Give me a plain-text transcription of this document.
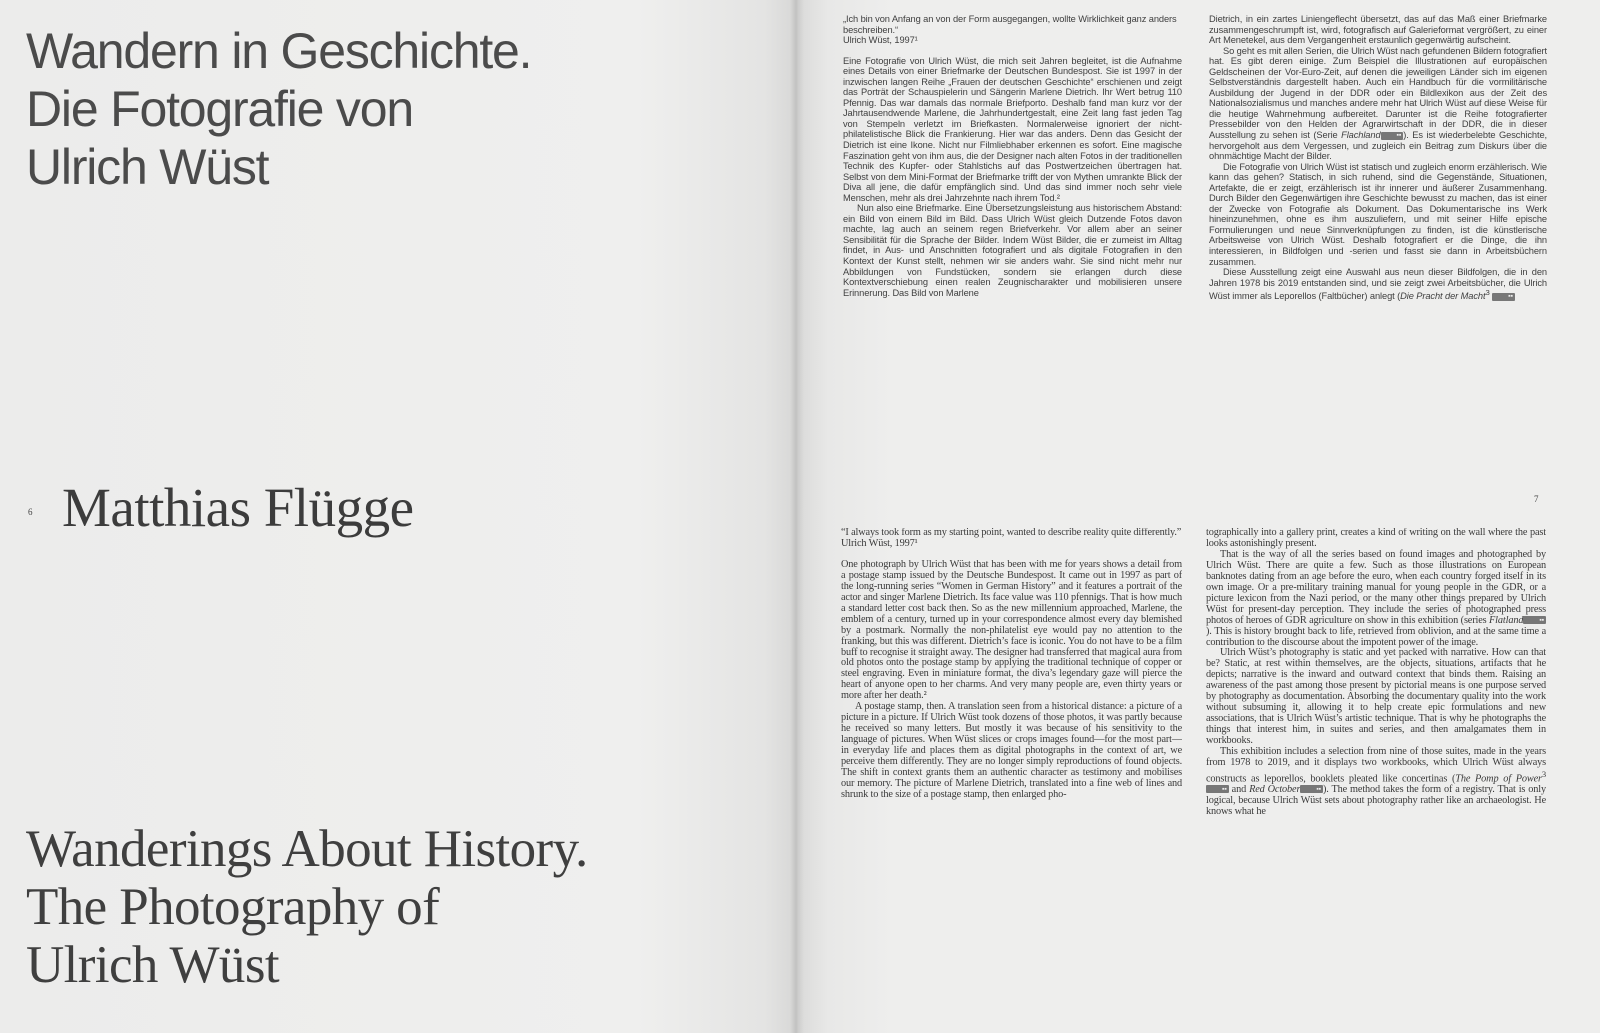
Wandern in Geschichte.
Die Fotografie von
Ulrich Wüst
6 Matthias Flügge
Wanderings About History.
The Photography of
Ulrich Wüst

„Ich bin von Anfang an von der Form ausgegangen, wollte Wirklichkeit ganz anders beschreiben.“
Ulrich Wüst, 1997¹

Eine Fotografie von Ulrich Wüst, die mich seit Jahren begleitet, ist die Aufnahme eines Details von einer Briefmarke der Deutschen Bundespost. Sie ist 1997 in der inzwischen langen Reihe „Frauen der deutschen Geschichte“ erschienen und zeigt das Porträt der Schauspielerin und Sängerin Marlene Dietrich. Ihr Wert betrug 110 Pfennig. Das war damals das normale Briefporto. Deshalb fand man kurz vor der Jahrtausendwende Marlene, die Jahrhundertgestalt, eine Zeit lang fast jeden Tag von Stempeln verletzt im Briefkasten. Normalerweise ignoriert der nicht-philatelistische Blick die Frankierung. Hier war das anders. Denn das Gesicht der Dietrich ist eine Ikone. Nicht nur Filmliebhaber erkennen es sofort. Eine magische Faszination geht von ihm aus, die der Designer nach alten Fotos in der traditionellen Technik des Kupfer- oder Stahlstichs auf das Postwertzeichen übertragen hat. Selbst von dem Mini-Format der Briefmarke trifft der von Mythen umrankte Blick der Diva all jene, die dafür empfänglich sind. Und das sind immer noch sehr viele Menschen, mehr als drei Jahrzehnte nach ihrem Tod.²

Nun also eine Briefmarke. Eine Übersetzungsleistung aus historischem Abstand: ein Bild von einem Bild im Bild. Dass Ulrich Wüst gleich Dutzende Fotos davon machte, lag auch an seinem regen Briefverkehr. Vor allem aber an seiner Sensibilität für die Sprache der Bilder. Indem Wüst Bilder, die er zumeist im Alltag findet, in Aus- und Anschnitten fotografiert und als digitale Fotografien in den Kontext der Kunst stellt, nehmen wir sie anders wahr. Sie sind nicht mehr nur Abbildungen von Fundstücken, sondern sie erlangen durch diese Kontextverschiebung einen realen Zeugnischarakter und mobilisieren unsere Erinnerung. Das Bild von Marlene

Dietrich, in ein zartes Liniengeflecht übersetzt, das auf das Maß einer Briefmarke zusammengeschrumpft ist, wird, fotografisch auf Galerieformat vergrößert, zu einer Art Menetekel, aus dem Vergangenheit erstaunlich gegenwärtig aufscheint.

So geht es mit allen Serien, die Ulrich Wüst nach gefundenen Bildern fotografiert hat. Es gibt deren einige. Zum Beispiel die Illustrationen auf europäischen Geldscheinen der Vor-Euro-Zeit, auf denen die jeweiligen Länder sich im eigenen Selbstverständnis dargestellt haben. Auch ein Handbuch für die vormilitärische Ausbildung der Jugend in der DDR oder ein Bildlexikon aus der Zeit des Nationalsozialismus und manches andere mehr hat Ulrich Wüst auf diese Weise für die heutige Wahrnehmung aufbereitet. Darunter ist die Reihe fotografierter Pressebilder von den Helden der Agrarwirtschaft in der DDR, die in dieser Ausstellung zu sehen ist (Serie Flachland ▪▪ ). Es ist wiederbelebte Geschichte, hervorgeholt aus dem Vergessen, und zugleich ein Beitrag zum Diskurs über die ohnmächtige Macht der Bilder.

Die Fotografie von Ulrich Wüst ist statisch und zugleich enorm erzählerisch. Wie kann das gehen? Statisch, in sich ruhend, sind die Gegenstände, Situationen, Artefakte, die er zeigt, erzählerisch ist ihr innerer und äußerer Zusammenhang. Durch Bilder den Gegenwärtigen ihre Geschichte bewusst zu machen, das ist einer der Zwecke von Fotografie als Dokument. Das Dokumentarische ins Werk hineinzunehmen, ohne es ihm auszuliefern, und mit seiner Hilfe epische Formulierungen und neue Sinnverknüpfungen zu finden, ist die künstlerische Arbeitsweise von Ulrich Wüst. Deshalb fotografiert er die Dinge, die ihn interessieren, in Bildfolgen und -serien und fasst sie dann in Arbeitsbüchern zusammen.

Diese Ausstellung zeigt eine Auswahl aus neun dieser Bildfolgen, die in den Jahren 1978 bis 2019 entstanden sind, und sie zeigt zwei Arbeitsbücher, die Ulrich Wüst immer als Leporellos (Faltbücher) anlegt (Die Pracht der Macht$^3$	▪▪

7

“I always took form as my starting point, wanted to describe reality quite differently.”
Ulrich Wüst, 1997¹

One photograph by Ulrich Wüst that has been with me for years shows a detail from a postage stamp issued by the Deutsche Bundespost. It came out in 1997 as part of the long-running series “Women in German History” and it features a portrait of the actor and singer Marlene Dietrich. Its face value was 110 pfennigs. That is how much a standard letter cost back then. So as the new millennium approached, Marlene, the emblem of a century, turned up in your correspondence almost every day blemished by a postmark. Normally the non-philatelist eye would pay no attention to the franking, but this was different. Dietrich’s face is iconic. You do not have to be a film buff to recognise it straight away. The designer had transferred that magical aura from old photos onto the postage stamp by applying the traditional technique of copper or steel engraving. Even in miniature format, the diva’s legendary gaze will pierce the heart of anyone open to her charms. And very many people are, even thirty years or more after her death.²

A postage stamp, then. A translation seen from a historical distance: a picture of a picture in a picture. If Ulrich Wüst took dozens of those photos, it was partly because he received so many letters. But mostly it was because of his sensitivity to the language of pictures. When Wüst slices or crops images found—for the most part—in everyday life and places them as digital photographs in the context of art, we perceive them differently. They are no longer simply reproductions of found objects. The shift in context grants them an authentic character as testimony and mobilises our memory. The picture of Marlene Dietrich, translated into a fine web of lines and shrunk to the size of a postage stamp, then enlarged pho-

tographically into a gallery print, creates a kind of writing on the wall where the past looks astonishingly present.

That is the way of all the series based on found images and photographed by Ulrich Wüst. There are quite a few. Such as those illustrations on European banknotes dating from an age before the euro, when each country forged itself in its own image. Or a pre-military training manual for young people in the GDR, or a picture lexicon from the Nazi period, or the many other things prepared by Ulrich Wüst for present-day perception. They include the series of photographed press photos of heroes of GDR agriculture on show in this exhibition (series Flatland ▪▪). This is history brought back to life, retrieved from oblivion, and at the same time a contribution to the discourse about the impotent power of the image.

Ulrich Wüst’s photography is static and yet packed with narrative. How can that be? Static, at rest within themselves, are the objects, situations, artifacts that he depicts; narrative is the inward and outward context that binds them. Raising an awareness of the past among those present by pictorial means is one purpose served by photography as documentation. Absorbing the documentary quality into the work without subsuming it, allowing it to help create epic formulations and new associations, that is Ulrich Wüst’s artistic technique. That is why he photographs the things that interest him, in suites and series, and then amalgamates them in workbooks.

This exhibition includes a selection from nine of those suites, made in the years from 1978 to 2019, and it displays two workbooks, which Ulrich Wüst always constructs as leporellos, booklets pleated like concertinas (The Pomp of Power$^3$ ▪▪ and Red October ▪▪ ). The method takes the form of a registry. That is only logical, because Ulrich Wüst sets about photography rather like an archaeologist. He knows what he
